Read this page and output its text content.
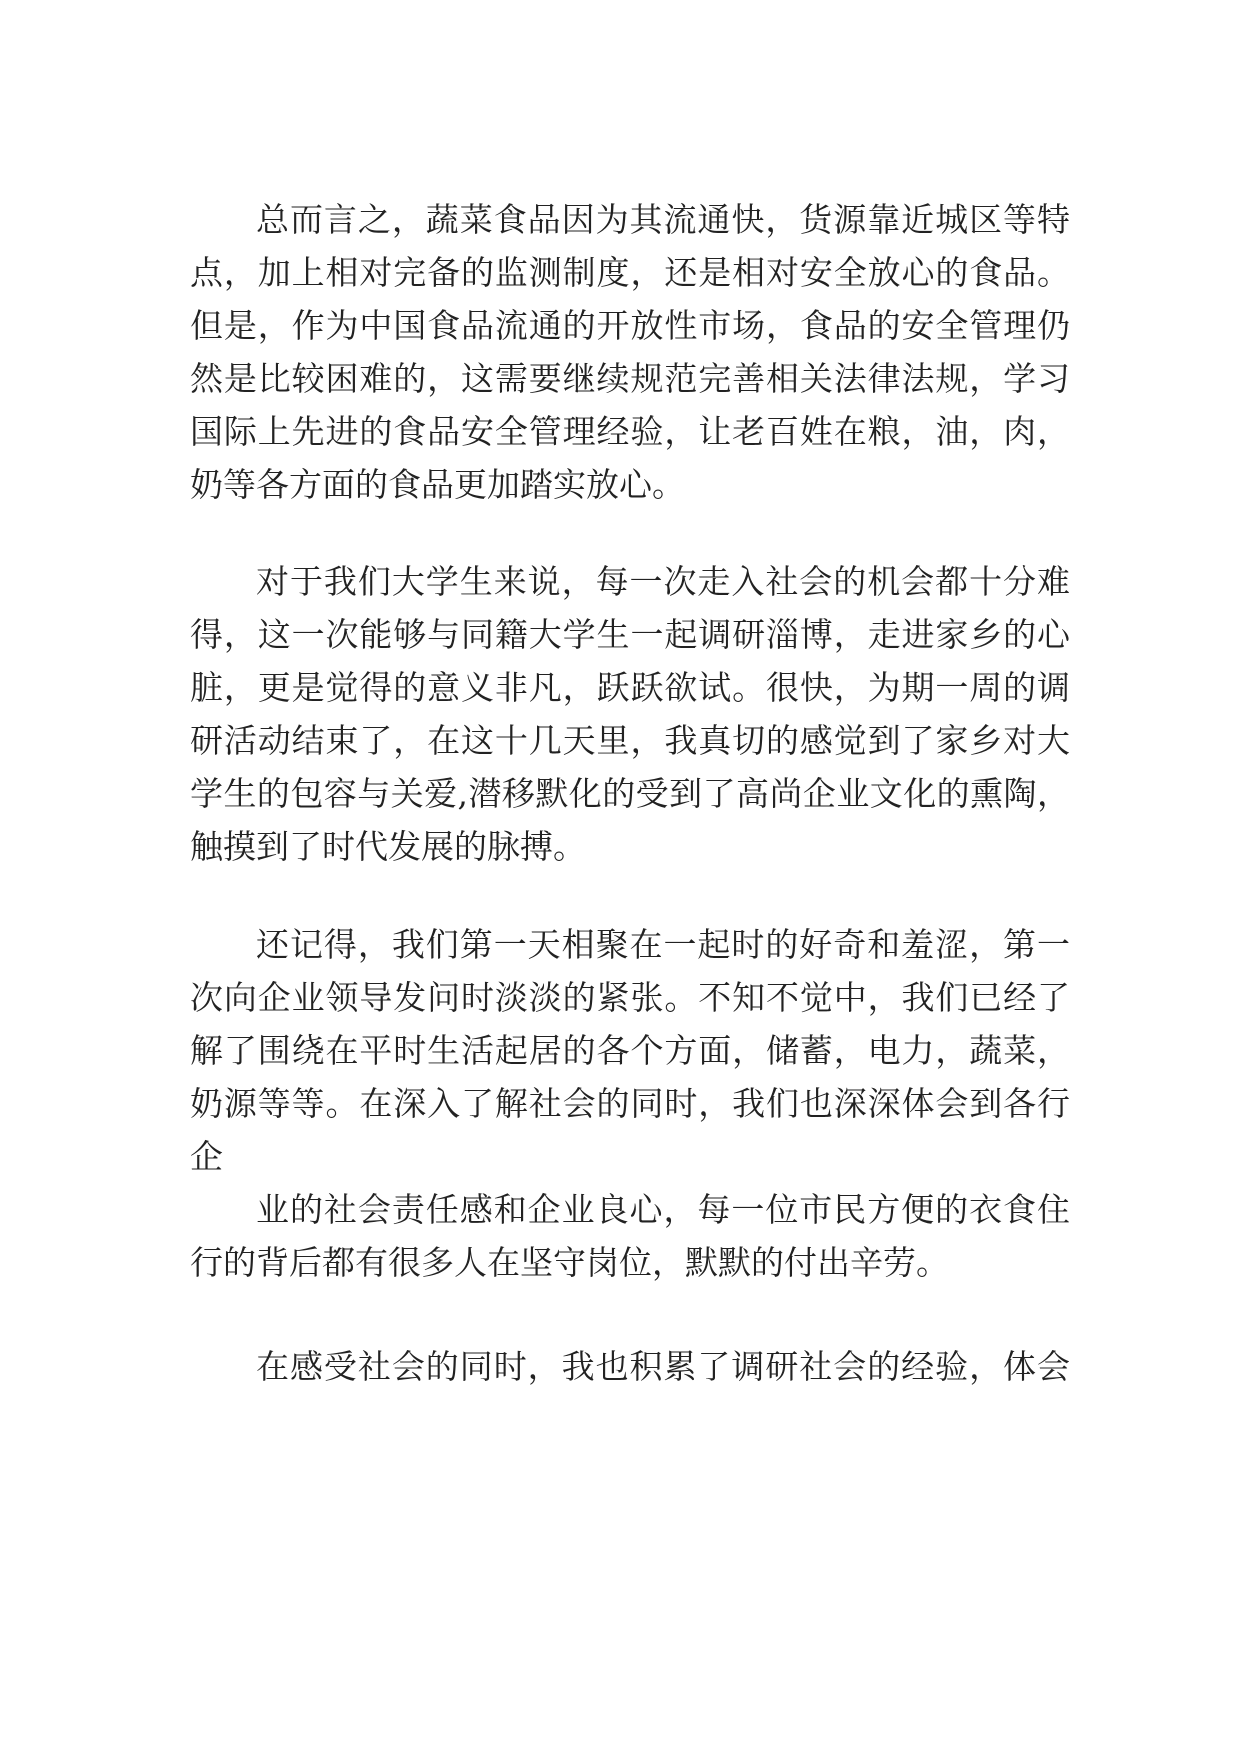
总而言之，蔬菜食品因为其流通快，货源靠近城区等特
点，加上相对完备的监测制度，还是相对安全放心的食品。
但是，作为中国食品流通的开放性市场，食品的安全管理仍
然是比较困难的，这需要继续规范完善相关法律法规，学习
国际上先进的食品安全管理经验，让老百姓在粮，油，肉，
奶等各方面的食品更加踏实放心。
对于我们大学生来说，每一次走入社会的机会都十分难
得，这一次能够与同籍大学生一起调研淄博，走进家乡的心
脏，更是觉得的意义非凡，跃跃欲试。很快，为期一周的调
研活动结束了，在这十几天里，我真切的感觉到了家乡对大
学生的包容与关爱,潜移默化的受到了高尚企业文化的熏陶，
触摸到了时代发展的脉搏。
还记得，我们第一天相聚在一起时的好奇和羞涩，第一
次向企业领导发问时淡淡的紧张。不知不觉中，我们已经了
解了围绕在平时生活起居的各个方面，储蓄，电力，蔬菜，
奶源等等。在深入了解社会的同时，我们也深深体会到各行
企
业的社会责任感和企业良心，每一位市民方便的衣食住
行的背后都有很多人在坚守岗位，默默的付出辛劳。
在感受社会的同时，我也积累了调研社会的经验，体会
